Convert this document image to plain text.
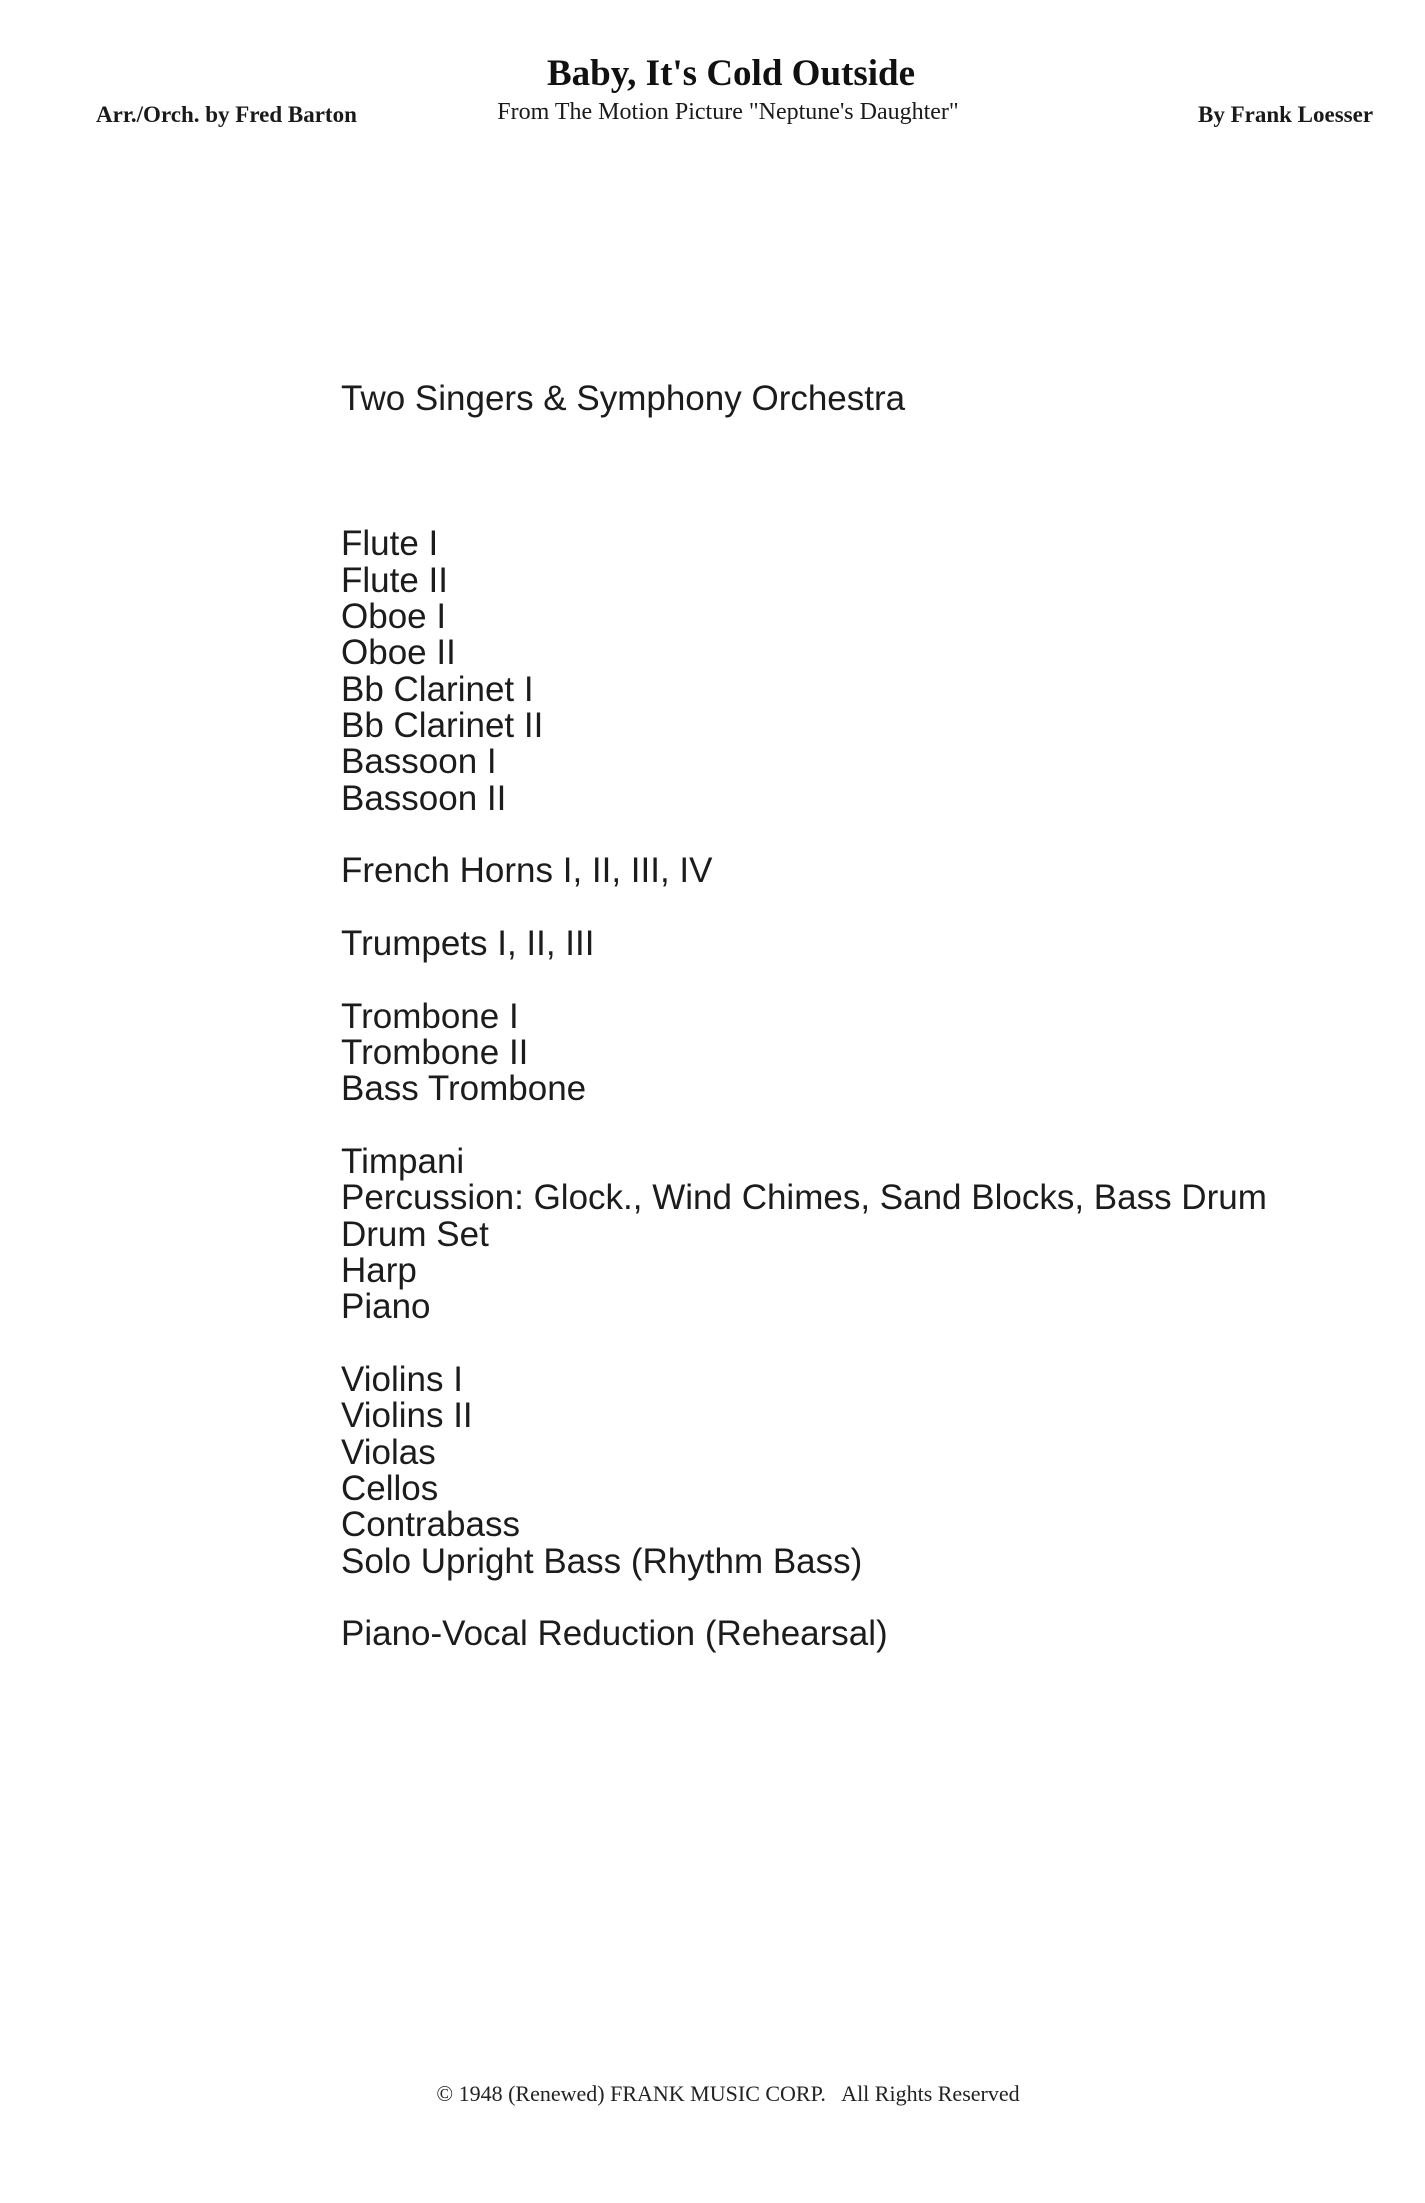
Arr./Orch. by Fred Barton
Baby, It's Cold Outside
From The Motion Picture "Neptune's Daughter"	By Frank Loesser
Two Singers & Symphony Orchestra
Flute I
Flute II
Oboe I
Oboe II
Bb Clarinet I
Bb Clarinet II
Bassoon I
Bassoon II
French Horns I, II, III, IV
Trumpets I, II, III
Trombone I
Trombone II
Bass Trombone
Timpani
Percussion: Glock., Wind Chimes, Sand Blocks, Bass Drum
Drum Set
Harp
Piano
Violins I
Violins II
Violas
Cellos
Contrabass
Solo Upright Bass (Rhythm Bass)
Piano-Vocal Reduction (Rehearsal)
© 1948 (Renewed) FRANK MUSIC CORP.   All Rights Reserved
